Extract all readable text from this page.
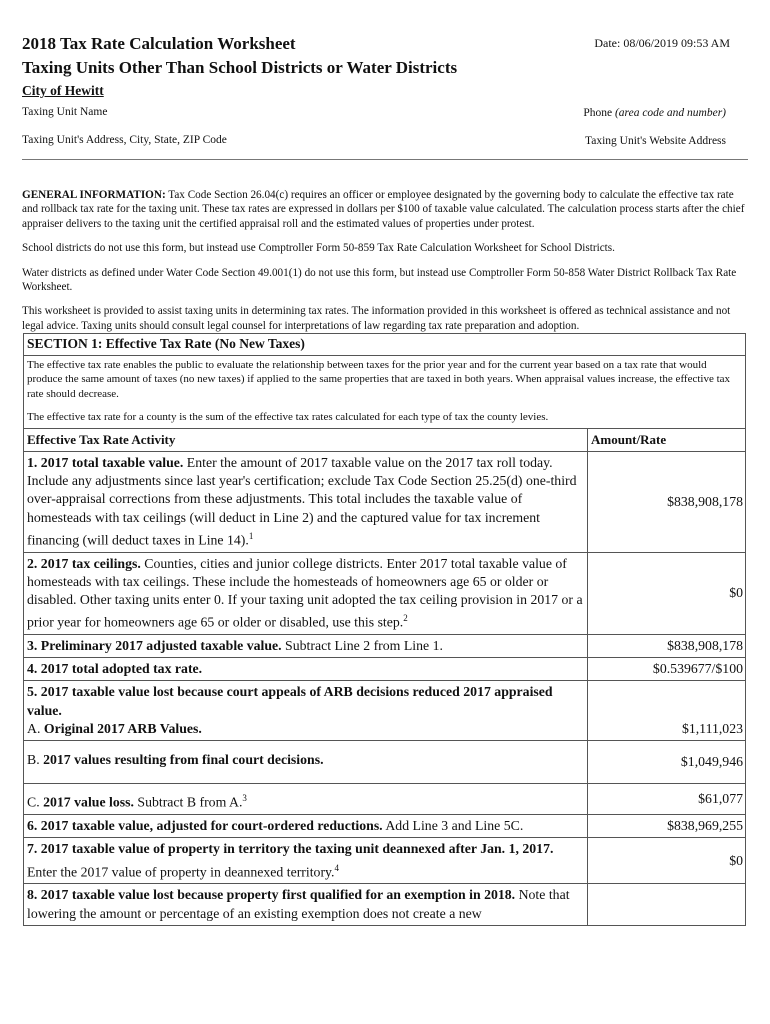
2018 Tax Rate Calculation Worksheet
Taxing Units Other Than School Districts or Water Districts
Date: 08/06/2019 09:53 AM
City of Hewitt
Taxing Unit Name	Phone (area code and number)
Taxing Unit's Address, City, State, ZIP Code	Taxing Unit's Website Address

GENERAL INFORMATION: Tax Code Section 26.04(c) requires an officer or employee designated by the governing body to calculate the effective tax rate and rollback tax rate for the taxing unit. These tax rates are expressed in dollars per $100 of taxable value calculated. The calculation process starts after the chief appraiser delivers to the taxing unit the certified appraisal roll and the estimated values of properties under protest.

School districts do not use this form, but instead use Comptroller Form 50-859 Tax Rate Calculation Worksheet for School Districts.

Water districts as defined under Water Code Section 49.001(1) do not use this form, but instead use Comptroller Form 50-858 Water District Rollback Tax Rate Worksheet.

This worksheet is provided to assist taxing units in determining tax rates. The information provided in this worksheet is offered as technical assistance and not legal advice. Taxing units should consult legal counsel for interpretations of law regarding tax rate preparation and adoption.

SECTION 1: Effective Tax Rate (No New Taxes)	

The effective tax rate enables the public to evaluate the relationship between taxes for the prior year and for the current year based on a tax rate that would produce the same amount of taxes (no new taxes) if applied to the same properties that are taxed in both years. When appraisal values increase, the effective tax rate should decrease.

The effective tax rate for a county is the sum of the effective tax rates calculated for each type of tax the county levies.	

Effective Tax Rate Activity	Amount/Rate
1. 2017 total taxable value. Enter the amount of 2017 taxable value on the 2017 tax roll today. Include any adjustments since last year's certification; exclude Tax Code Section 25.25(d) one-third over-appraisal corrections from these adjustments. This total includes the taxable value of homesteads with tax ceilings (will deduct in Line 2) and the captured value for tax increment financing (will deduct taxes in Line 14).$^1$	$838,908,178
2. 2017 tax ceilings. Counties, cities and junior college districts. Enter 2017 total taxable value of homesteads with tax ceilings. These include the homesteads of homeowners age 65 or older or disabled. Other taxing units enter 0. If your taxing unit adopted the tax ceiling provision in 2017 or a prior year for homeowners age 65 or older or disabled, use this step.$^2$	$0
3. Preliminary 2017 adjusted taxable value. Subtract Line 2 from Line 1.	$838,908,178
4. 2017 total adopted tax rate.	$0.539677/$100
5. 2017 taxable value lost because court appeals of ARB decisions reduced 2017 appraised value.
A. Original 2017 ARB Values.	$1,111,023
B. 2017 values resulting from final court decisions.	$1,049,946
C. 2017 value loss. Subtract B from A.$^3$	$61,077
6. 2017 taxable value, adjusted for court-ordered reductions. Add Line 3 and Line 5C.	$838,969,255
7. 2017 taxable value of property in territory the taxing unit deannexed after Jan. 1, 2017. Enter the 2017 value of property in deannexed territory.$^4$	$0
8. 2017 taxable value lost because property first qualified for an exemption in 2018. Note that lowering the amount or percentage of an existing exemption does not create a new	
